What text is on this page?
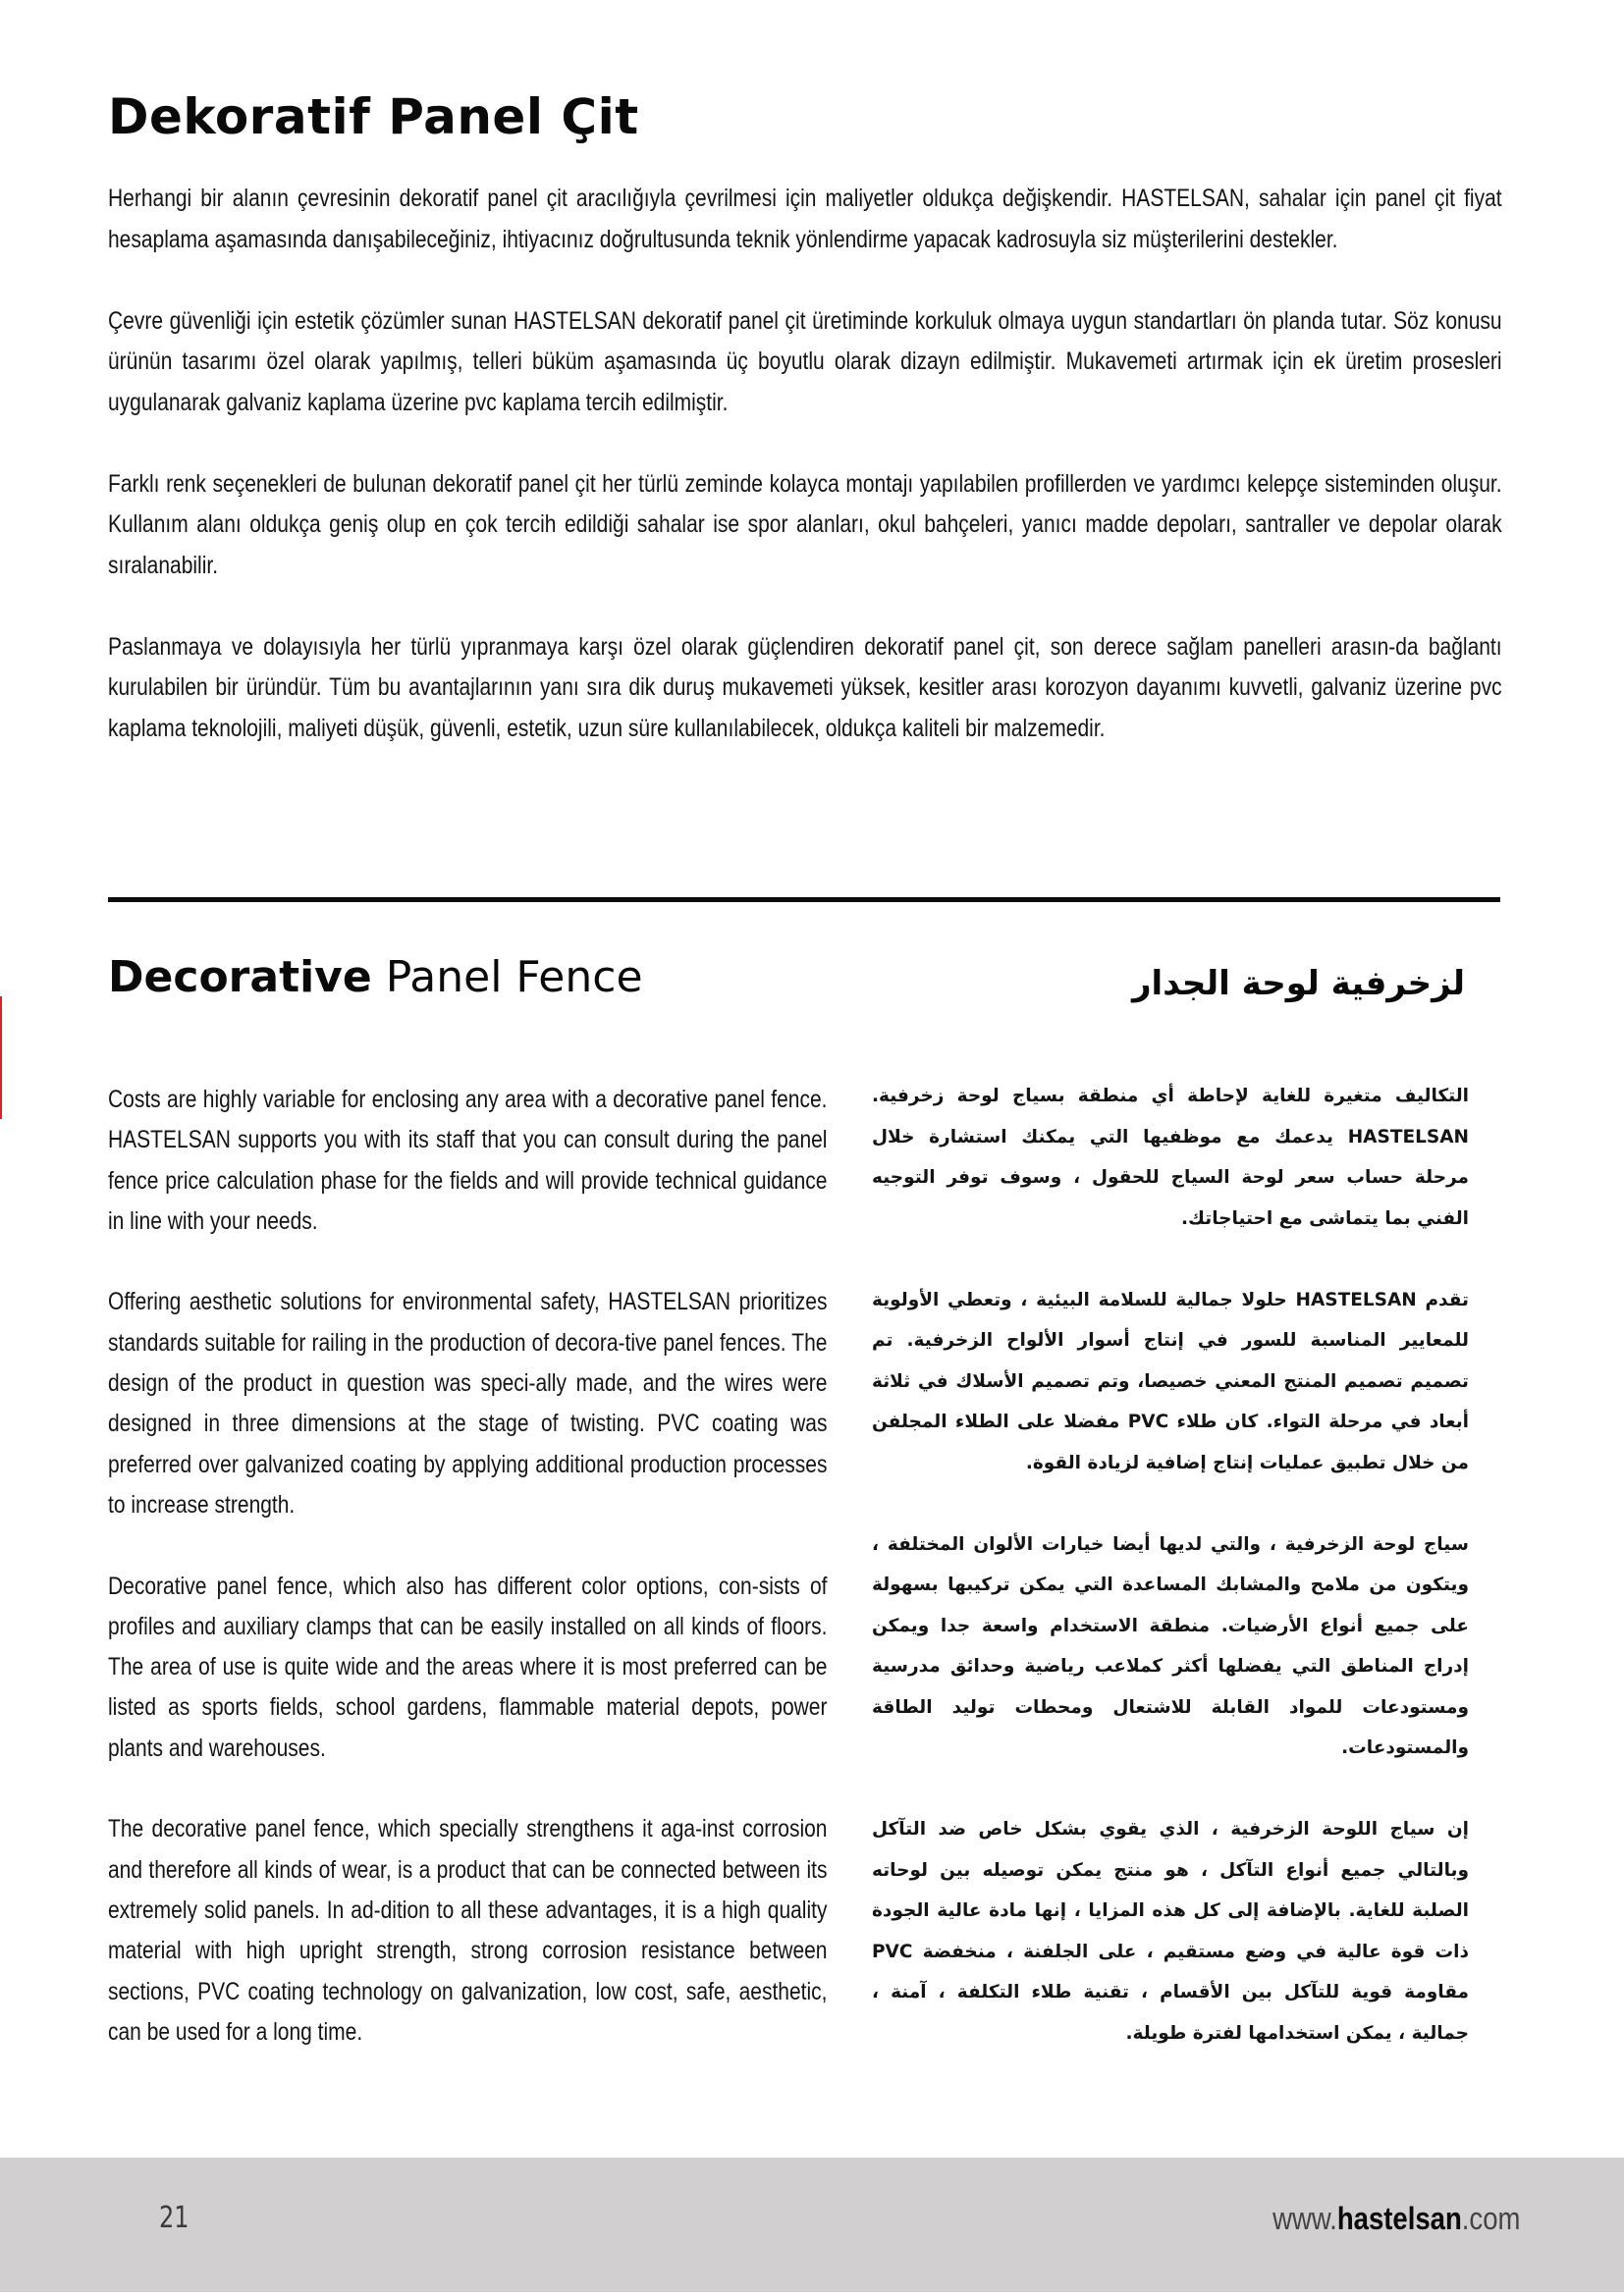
Dekoratif Panel Çit

Herhangi bir alanın çevresinin dekoratif panel çit aracılığıyla çevrilmesi için maliyetler oldukça değişkendir. HASTELSAN, sahalar için panel çit fiyat hesaplama aşamasında danışabileceğiniz, ihtiyacınız doğrultusunda teknik yönlendirme yapacak kadrosuyla siz müşterilerini destekler.

Çevre güvenliği için estetik çözümler sunan HASTELSAN dekoratif panel çit üretiminde korkuluk olmaya uygun standartları ön planda tutar. Söz konusu ürünün tasarımı özel olarak yapılmış, telleri büküm aşamasında üç boyutlu olarak dizayn edilmiştir. Mukavemeti artırmak için ek üretim prosesleri uygulanarak galvaniz kaplama üzerine pvc kaplama tercih edilmiştir.

Farklı renk seçenekleri de bulunan dekoratif panel çit her türlü zeminde kolayca montajı yapılabilen profillerden ve yardımcı kelepçe sisteminden oluşur. Kullanım alanı oldukça geniş olup en çok tercih edildiği sahalar ise spor alanları, okul bahçeleri, yanıcı madde depoları, santraller ve depolar olarak sıralanabilir.

Paslanmaya ve dolayısıyla her türlü yıpranmaya karşı özel olarak güçlendiren dekoratif panel çit, son derece sağlam panelleri arasın-da bağlantı kurulabilen bir üründür. Tüm bu avantajlarının yanı sıra dik duruş mukavemeti yüksek, kesitler arası korozyon dayanımı kuvvetli, galvaniz üzerine pvc kaplama teknolojili, maliyeti düşük, güvenli, estetik, uzun süre kullanılabilecek, oldukça kaliteli bir malzemedir.

Decorative Panel Fence	لزخرفية لوحة الجدار

Costs are highly variable for enclosing any area with a decorative panel fence. HASTELSAN supports you with its staff that you can consult during the panel fence price calculation phase for the fields and will provide technical guidance in line with your needs.

Offering aesthetic solutions for environmental safety, HASTELSAN prioritizes standards suitable for railing in the production of decora-tive panel fences. The design of the product in question was speci-ally made, and the wires were designed in three dimensions at the stage of twisting. PVC coating was preferred over galvanized coating by applying additional production processes to increase strength.

Decorative panel fence, which also has different color options, con-sists of profiles and auxiliary clamps that can be easily installed on all kinds of floors. The area of use is quite wide and the areas where it is most preferred can be listed as sports fields, school gardens, flammable material depots, power plants and warehouses.

The decorative panel fence, which specially strengthens it aga-inst corrosion and therefore all kinds of wear, is a product that can be connected between its extremely solid panels. In ad-dition to all these advantages, it is a high quality material with high upright strength, strong corrosion resistance between sections, PVC coating technology on galvanization, low cost, safe, aesthetic, can be used for a long time.

التكاليف متغيرة للغاية لإحاطة أي منطقة بسياج لوحة زخرفية. HASTELSAN يدعمك مع موظفيها التي يمكنك استشارة خلال مرحلة حساب سعر لوحة السياج للحقول ، وسوف توفر التوجيه الفني بما يتماشى مع احتياجاتك.

تقدم HASTELSAN حلولا جمالية للسلامة البيئية ، وتعطي الأولوية للمعايير المناسبة للسور في إنتاج أسوار الألواح الزخرفية. تم تصميم تصميم المنتج المعني خصيصا، وتم تصميم الأسلاك في ثلاثة أبعاد في مرحلة التواء. كان طلاء PVC مفضلا على الطلاء المجلفن من خلال تطبيق عمليات إنتاج إضافية لزيادة القوة.

سياج لوحة الزخرفية ، والتي لديها أيضا خيارات الألوان المختلفة ، ويتكون من ملامح والمشابك المساعدة التي يمكن تركيبها بسهولة على جميع أنواع الأرضيات. منطقة الاستخدام واسعة جدا ويمكن إدراج المناطق التي يفضلها أكثر كملاعب رياضية وحدائق مدرسية ومستودعات للمواد القابلة للاشتعال ومحطات توليد الطاقة والمستودعات.

إن سياج اللوحة الزخرفية ، الذي يقوي بشكل خاص ضد التآكل وبالتالي جميع أنواع التآكل ، هو منتج يمكن توصيله بين لوحاته الصلبة للغاية. بالإضافة إلى كل هذه المزايا ، إنها مادة عالية الجودة ذات قوة عالية في وضع مستقيم ، على الجلفنة ، منخفضة PVC مقاومة قوية للتآكل بين الأقسام ، تقنية طلاء التكلفة ، آمنة ، جمالية ، يمكن استخدامها لفترة طويلة.

21	www.hastelsan.com
